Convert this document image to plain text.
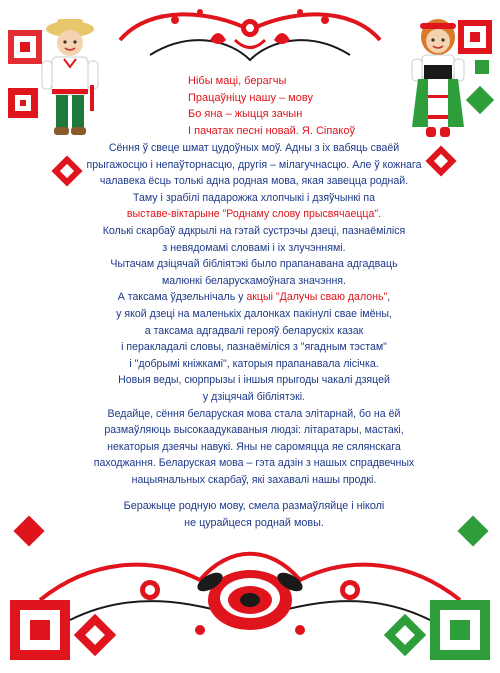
Нібы маці, берагчы
Працаўніцу нашу – мову
Бо яна – жыцця зачын
І пачатак песні новай. Я. Сіпакоў

Сёння ў свеце шмат цудоўных моў. Адны з іх вабяць сваёй

прыгажосцю і непаўторнасцю, другія – мілагучнасцю. Але ў кожнага

чалавека ёсць толькі адна родная мова, якая завецца роднай.

Таму і зрабілі падарожжа хлопчыкі і дзяўчынкі па

выставе-вiктарыне "Роднаму слову прысвячаецца".

Колькі скарбаў адкрылі на гэтай сустрэчы дзеці, пазнаёміліся

з невядомамі словамі і іх злучэннямі.

Чытачам дзіцячай бібліятэкі было прапанавана адгадваць

малюнкі беларускамоўнага значэння.

А таксама ўдзельнічаль у акцыі "Далучы сваю далонь",

у якой дзеці на маленькіх далонках пакінулі свае імёны,

а таксама адгадвалі герояў беларускіх казак

і перакладалі словы, пазнаёміліся з "ягадным тэстам"

і "добрымі кніжкамі", каторыя прапанавала лісічка.

Новыя веды, сюрпрызы і іншыя прыгоды чакалі дзяцей

у дзіцячай бібліятэкі.

Ведайце, сёння беларуская мова стала элітарнай, бо на ёй

размаўляюць высокаадукаваныя людзі: літаратары, мастакі,

некаторыя дзеячы навукі. Яны не саромяцца яе сялянскага

паходжання. Беларуская мова – гэта адзін з нашых спрадвечных

нацыянальных скарбаў, які захавалі нашы продкі.

Беражыце родную мову, смела размаўляйце і ніколі

не цурайцеся роднай мовы.
